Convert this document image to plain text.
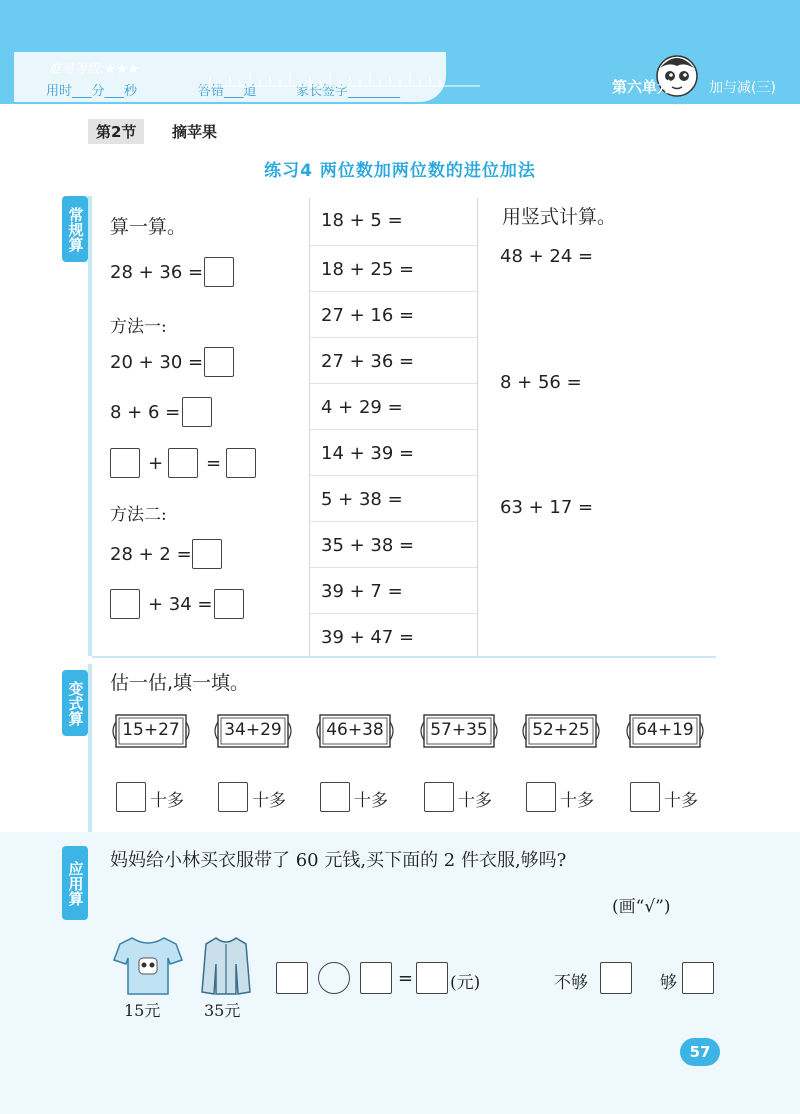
难易等级:★★★
用时___分___秒	答错___道	家长签字________	第六单元	加与减(三)
第2节	摘苹果
练习4 两位数加两位数的进位加法
常规算
变式算
算一算。
28 + 36 =
方法一:
20 + 30 =
8 + 6 =
+ =
方法二:
28 + 2 =
+ 34 =
18 + 5 =
18 + 25 =
27 + 16 =
27 + 36 =
4 + 29 =
14 + 39 =
5 + 38 =
35 + 38 =
39 + 7 =
39 + 47 =
用竖式计算。
48 + 24 =
8 + 56 =
63 + 17 =
估一估,填一填。
15+27	34+29	46+38	57+35	52+25	64+19
十多	十多	十多	十多	十多	十多
应用算 妈妈给小林买衣服带了 60 元钱,买下面的 2 件衣服,够吗?
(画“√”)
15元	35元
= (元)	不够	够
57
